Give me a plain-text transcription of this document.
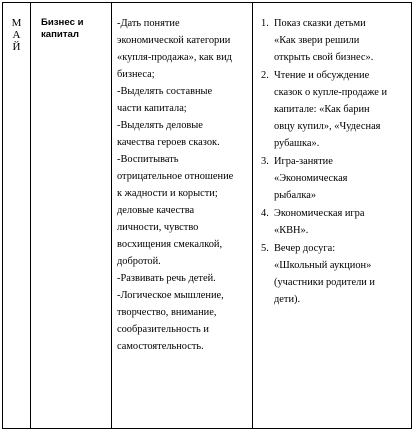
М
А
Й

Бизнес и капитал

-Дать понятие
экономической категории
«купля-продажа», как вид
бизнеса;
-Выделять составные
части капитала;
-Выделять деловые
качества героев сказок.
-Воспитывать
отрицательное отношение
к жадности и корысти;
деловые качества
личности, чувство
восхищения смекалкой,
добротой.
-Развивать речь детей.
-Логическое мышление,
творчество, внимание,
сообразительность и
самостоятельность.

1. Показ сказки детьми
«Как звери решили
открыть свой бизнес».
2. Чтение и обсуждение
сказок о купле-продаже и
капитале: «Как барин
овцу купил», «Чудесная
рубашка».
3. Игра-занятие
«Экономическая
рыбалка»
4. Экономическая игра
«КВН».
5. Вечер досуга:
«Школьный аукцион»
(участники родители и
дети).
